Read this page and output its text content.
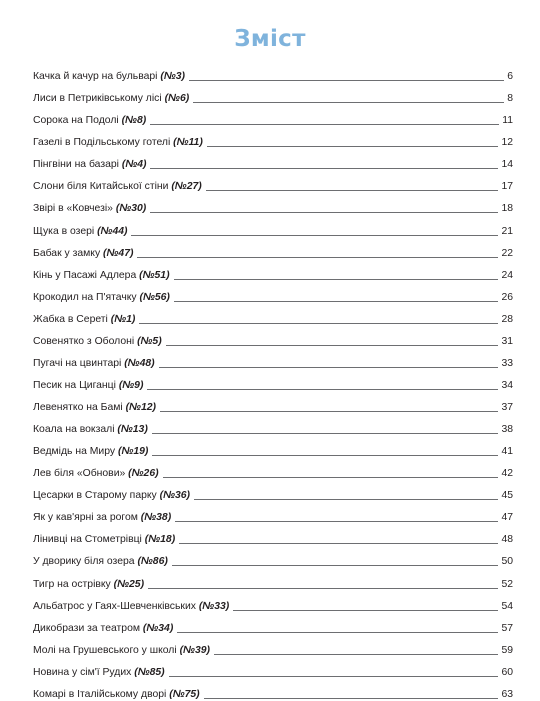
Зміст
Качка й качур на бульварі (№3)	6
Лиси в Петриківському лісі (№6)	8
Сорока на Подолі (№8)	11
Газелі в Подільському готелі (№11)	12
Пінгвіни на базарі (№4)	14
Слони біля Китайської стіни (№27)	17
Звірі в «Ковчезі» (№30)	18
Щука в озері (№44)	21
Бабак у замку (№47)	22
Кінь у Пасажі Адлера (№51)	24
Крокодил на П'ятачку (№56)	26
Жабка в Сереті (№1)	28
Совенятко з Оболоні (№5)	31
Пугачі на цвинтарі (№48)	33
Песик на Циганці (№9)	34
Левенятко на Бамі (№12)	37
Коала на вокзалі (№13)	38
Ведмідь на Миру (№19)	41
Лев біля «Обнови» (№26)	42
Цесарки в Старому парку (№36)	45
Як у кав'ярні за рогом (№38)	47
Лінивці на Стометрівці (№18)	48
У дворику біля озера (№86)	50
Тигр на острівку (№25)	52
Альбатрос у Гаях-Шевченківських (№33)	54
Дикобрази за театром (№34)	57
Молі на Грушевського у школі (№39)	59
Новина у сім'ї Рудих (№85)	60
Комарі в Італійському дворі (№75)	63
